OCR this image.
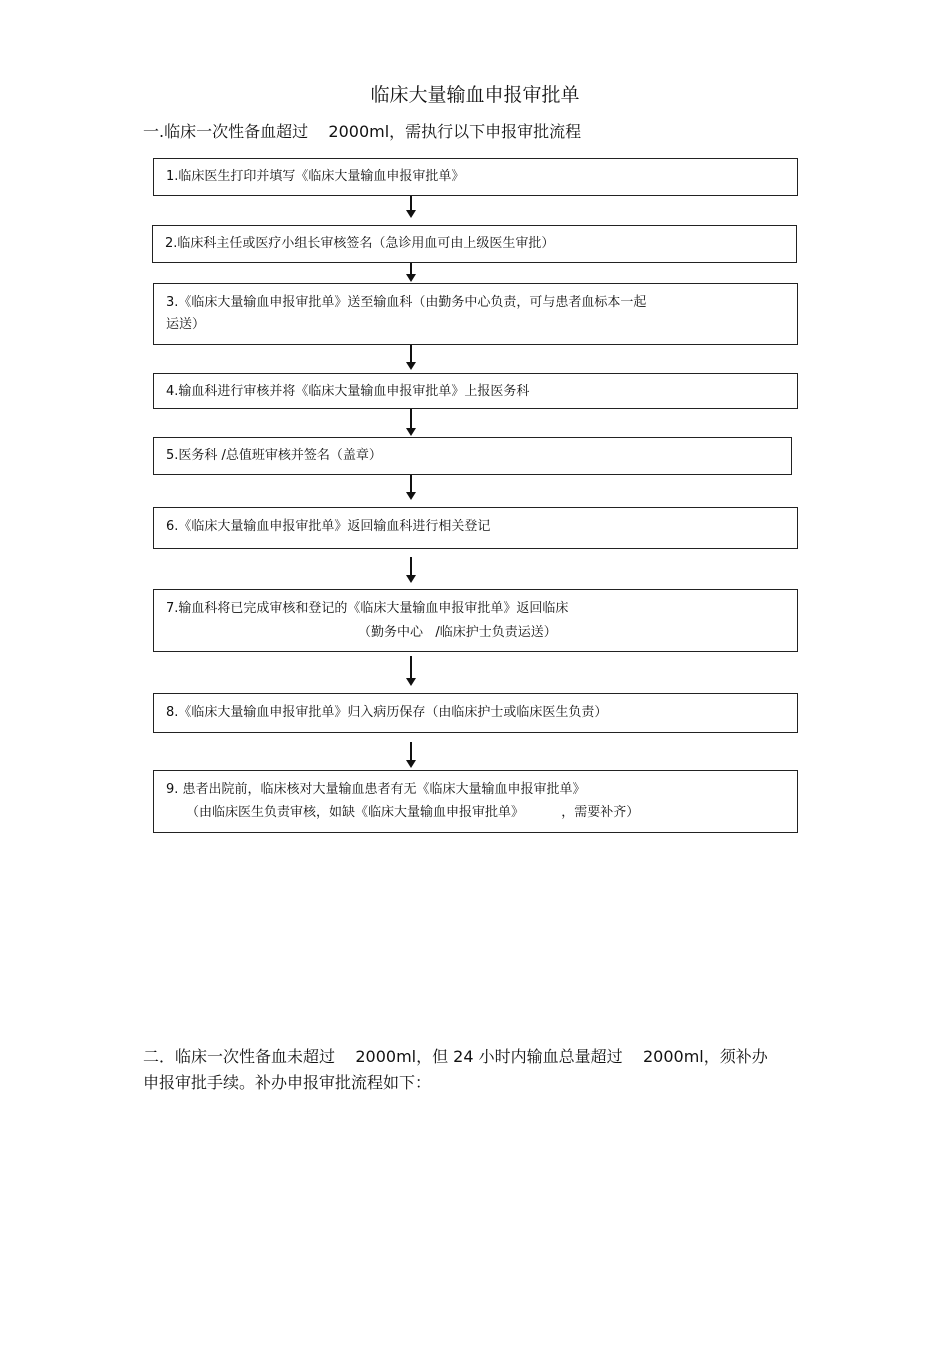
临床大量输血申报审批单
一.临床一次性备血超过    2000ml，需执行以下申报审批流程
1.临床医生打印并填写《临床大量输血申报审批单》
2.临床科主任或医疗小组长审核签名（急诊用血可由上级医生审批）
3.《临床大量输血申报审批单》送至输血科（由勤务中心负责，可与患者血标本一起
运送）
4.输血科进行审核并将《临床大量输血申报审批单》上报医务科
5.医务科 /总值班审核并签名（盖章）
6.《临床大量输血申报审批单》返回输血科进行相关登记
7.输血科将已完成审核和登记的《临床大量输血申报审批单》返回临床
（勤务中心   /临床护士负责运送）
8.《临床大量输血申报审批单》归入病历保存（由临床护士或临床医生负责）
9. 患者出院前，临床核对大量输血患者有无《临床大量输血申报审批单》
（由临床医生负责审核，如缺《临床大量输血申报审批单》         ，需要补齐）
二．临床一次性备血未超过    2000ml，但 24 小时内输血总量超过    2000ml，须补办
申报审批手续。补办申报审批流程如下：
